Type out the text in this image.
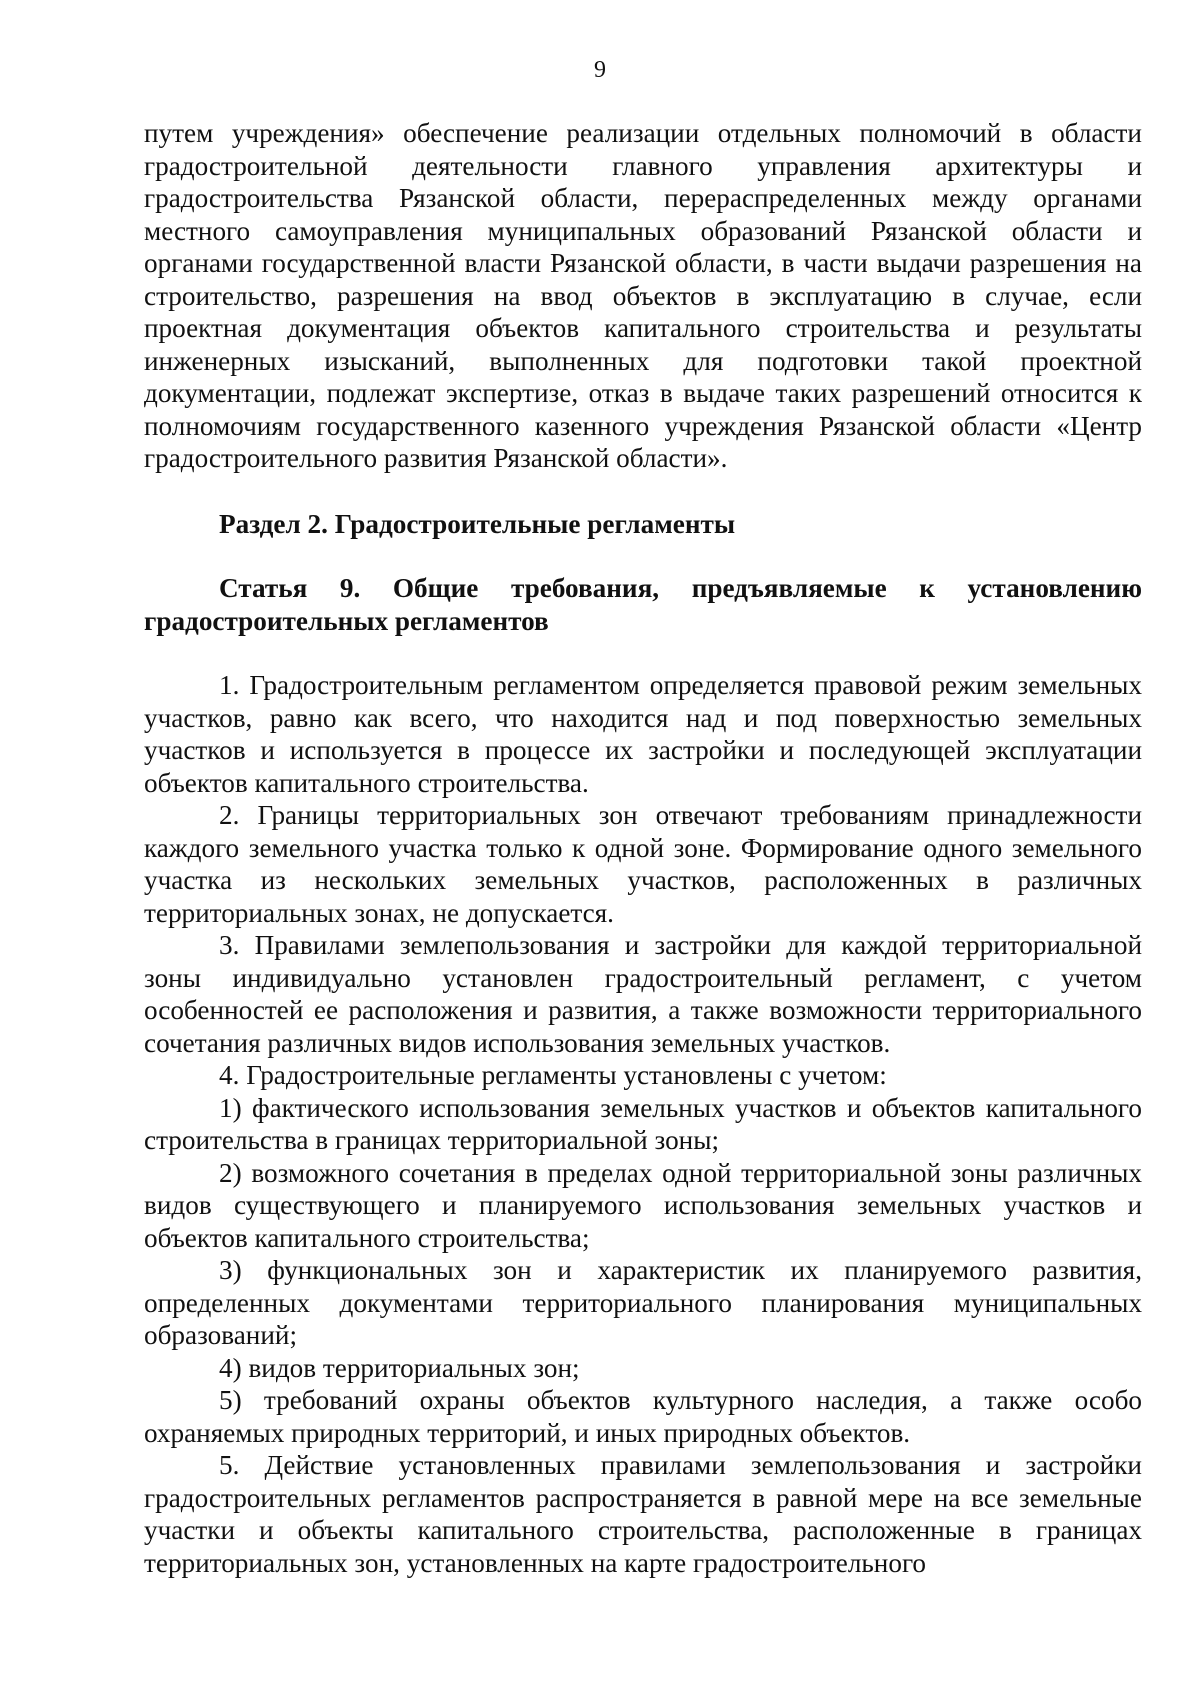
9

путем учреждения» обеспечение реализации отдельных полномочий в области градостроительной деятельности главного управления архитектуры и градостроительства Рязанской области, перераспределенных между органами местного самоуправления муниципальных образований Рязанской области и органами государственной власти Рязанской области, в части выдачи разрешения на строительство, разрешения на ввод объектов в эксплуатацию в случае, если проектная документация объектов капитального строительства и результаты инженерных изысканий, выполненных для подготовки такой проектной документации, подлежат экспертизе, отказ в выдаче таких разрешений относится к полномочиям государственного казенного учреждения Рязанской области «Центр градостроительного развития Рязанской области».

Раздел 2. Градостроительные регламенты

Статья 9. Общие требования, предъявляемые к установлению градостроительных регламентов

1. Градостроительным регламентом определяется правовой режим земельных участков, равно как всего, что находится над и под поверхностью земельных участков и используется в процессе их застройки и последующей эксплуатации объектов капитального строительства.

2. Границы территориальных зон отвечают требованиям принадлежности каждого земельного участка только к одной зоне. Формирование одного земельного участка из нескольких земельных участков, расположенных в различных территориальных зонах, не допускается.

3. Правилами землепользования и застройки для каждой территориальной зоны индивидуально установлен градостроительный регламент, с учетом особенностей ее расположения и развития, а также возможности территориального сочетания различных видов использования земельных участков.

4. Градостроительные регламенты установлены с учетом:

1) фактического использования земельных участков и объектов капитального строительства в границах территориальной зоны;

2) возможного сочетания в пределах одной территориальной зоны различных видов существующего и планируемого использования земельных участков и объектов капитального строительства;

3) функциональных зон и характеристик их планируемого развития, определенных документами территориального планирования муниципальных образований;

4) видов территориальных зон;

5) требований охраны объектов культурного наследия, а также особо охраняемых природных территорий, и иных природных объектов.

5. Действие установленных правилами землепользования и застройки градостроительных регламентов распространяется в равной мере на все земельные участки и объекты капитального строительства, расположенные в границах территориальных зон, установленных на карте градостроительного
